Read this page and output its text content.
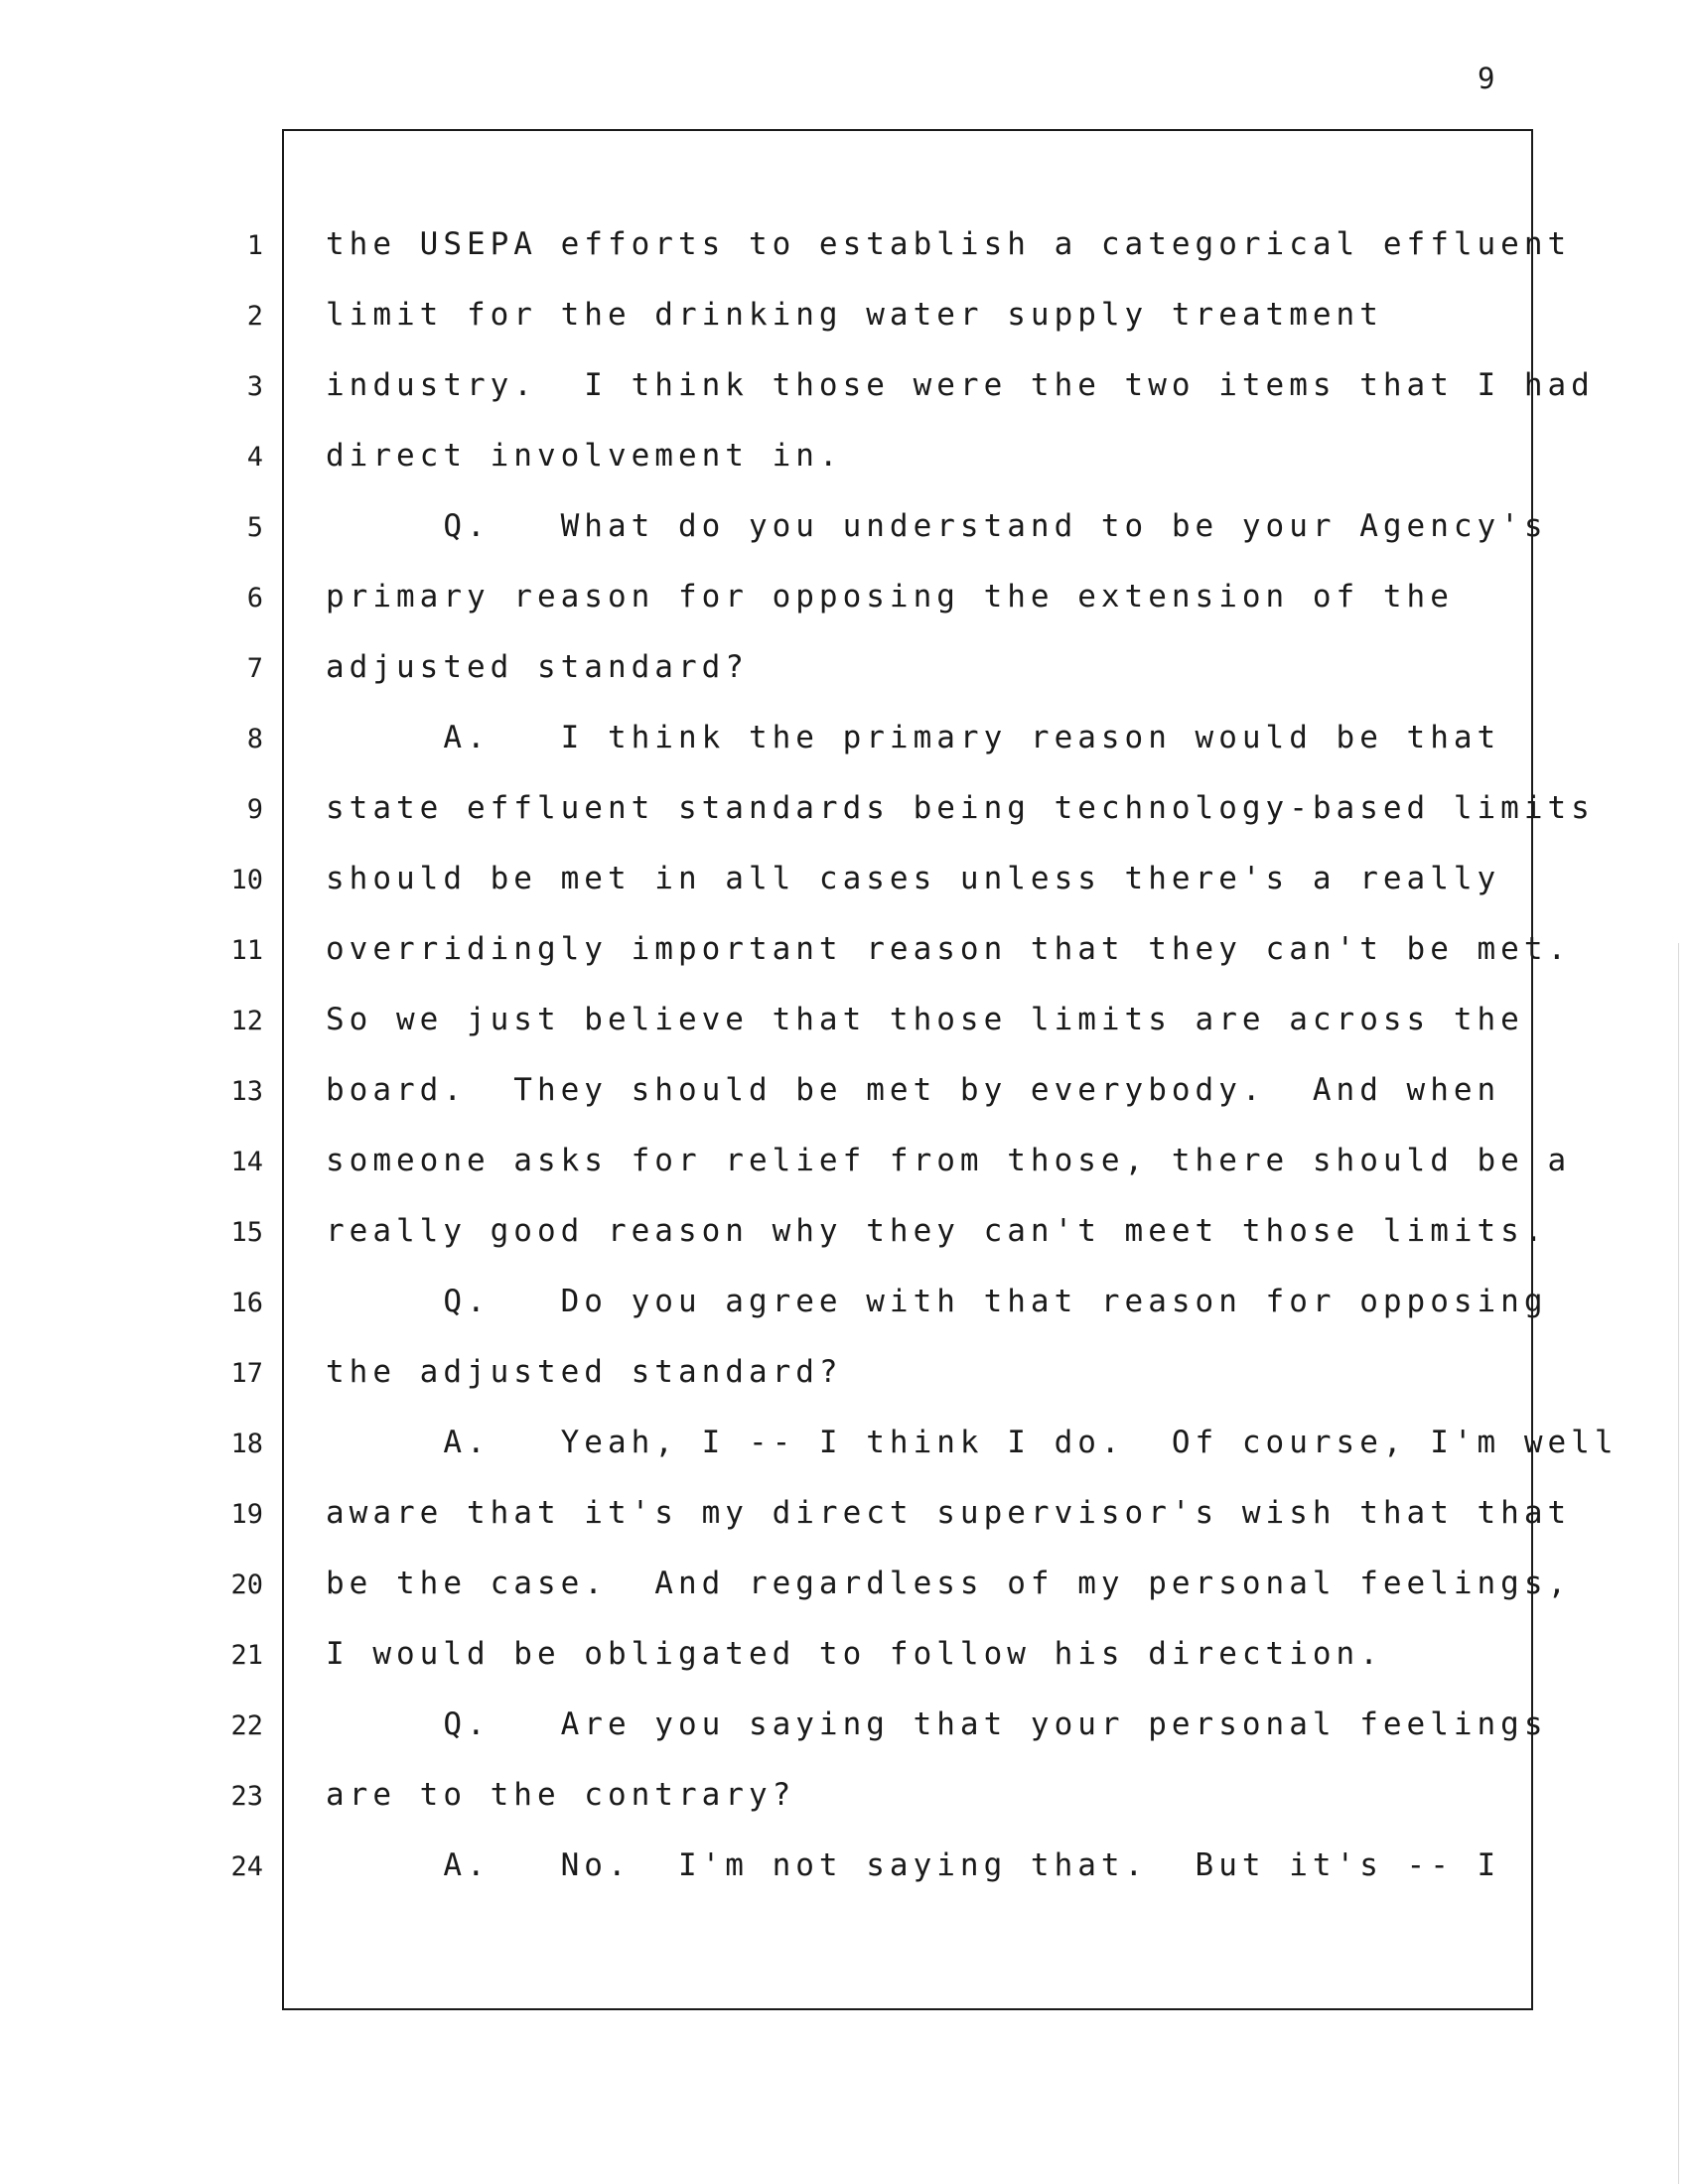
9
1 the USEPA efforts to establish a categorical effluent
2 limit for the drinking water supply treatment
3 industry.  I think those were the two items that I had
4 direct involvement in.
5 Q.   What do you understand to be your Agency's
6 primary reason for opposing the extension of the
7 adjusted standard?
8 A.   I think the primary reason would be that
9 state effluent standards being technology-based limits
10 should be met in all cases unless there's a really
11 overridingly important reason that they can't be met.
12 So we just believe that those limits are across the
13 board.  They should be met by everybody.  And when
14 someone asks for relief from those, there should be a
15 really good reason why they can't meet those limits.
16 Q.   Do you agree with that reason for opposing
17 the adjusted standard?
18 A.   Yeah, I -- I think I do.  Of course, I'm well
19 aware that it's my direct supervisor's wish that that
20 be the case.  And regardless of my personal feelings,
21 I would be obligated to follow his direction.
22 Q.   Are you saying that your personal feelings
23 are to the contrary?
24 A.   No.  I'm not saying that.  But it's -- I
